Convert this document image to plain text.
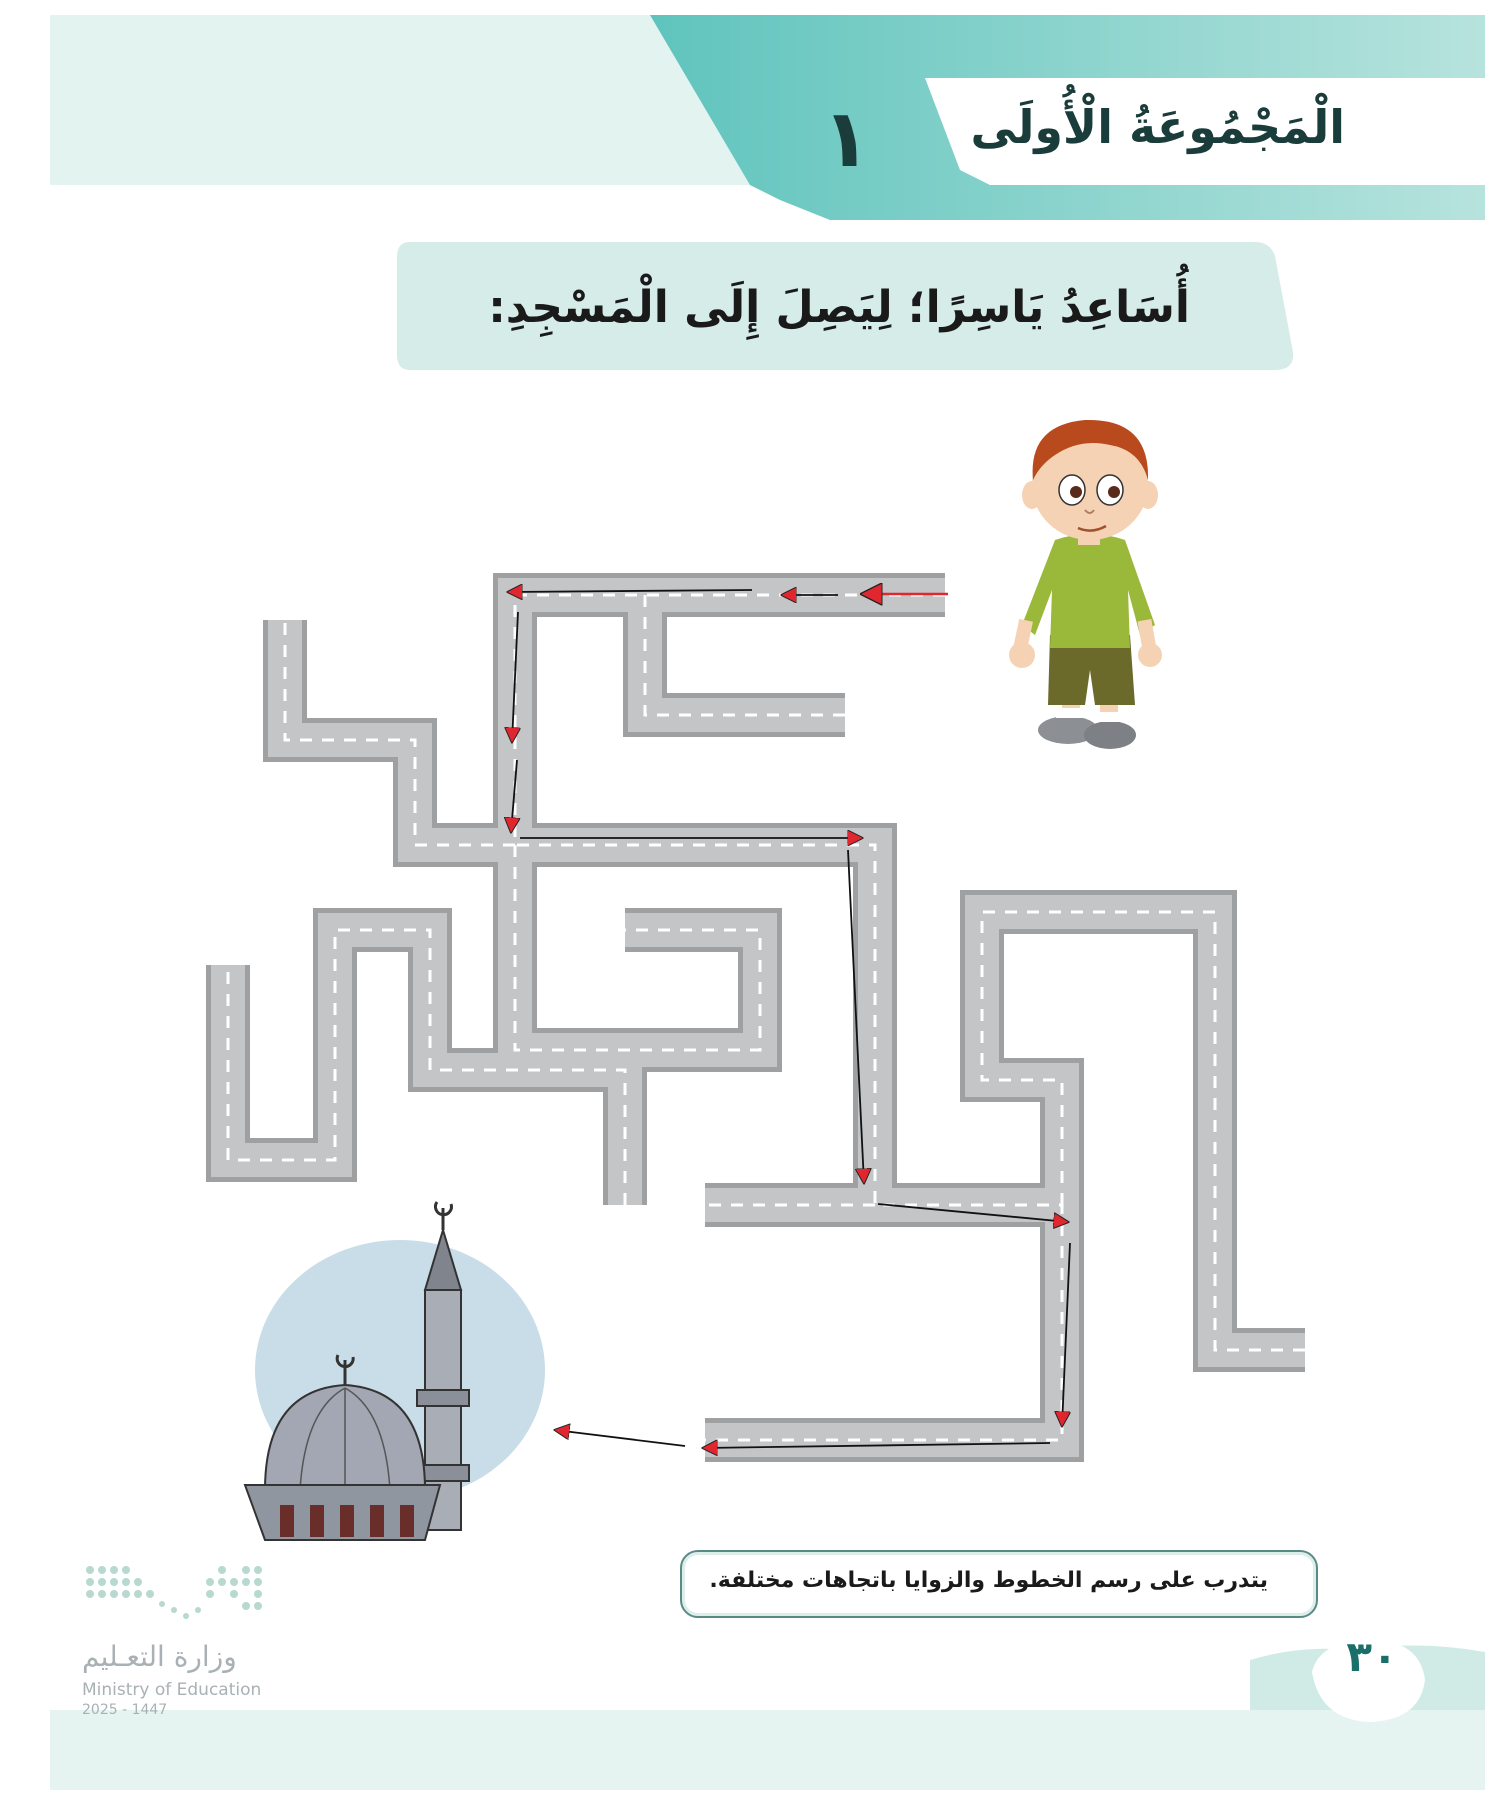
الْمَجْمُوعَةُ الْأُولَى
١
أُسَاعِدُ يَاسِرًا؛ لِيَصِلَ إِلَى الْمَسْجِدِ:
يتدرب على رسم الخطوط والزوايا باتجاهات مختلفة.
٣٠
وزارة التعـليم
Ministry of Education
2025 - 1447
